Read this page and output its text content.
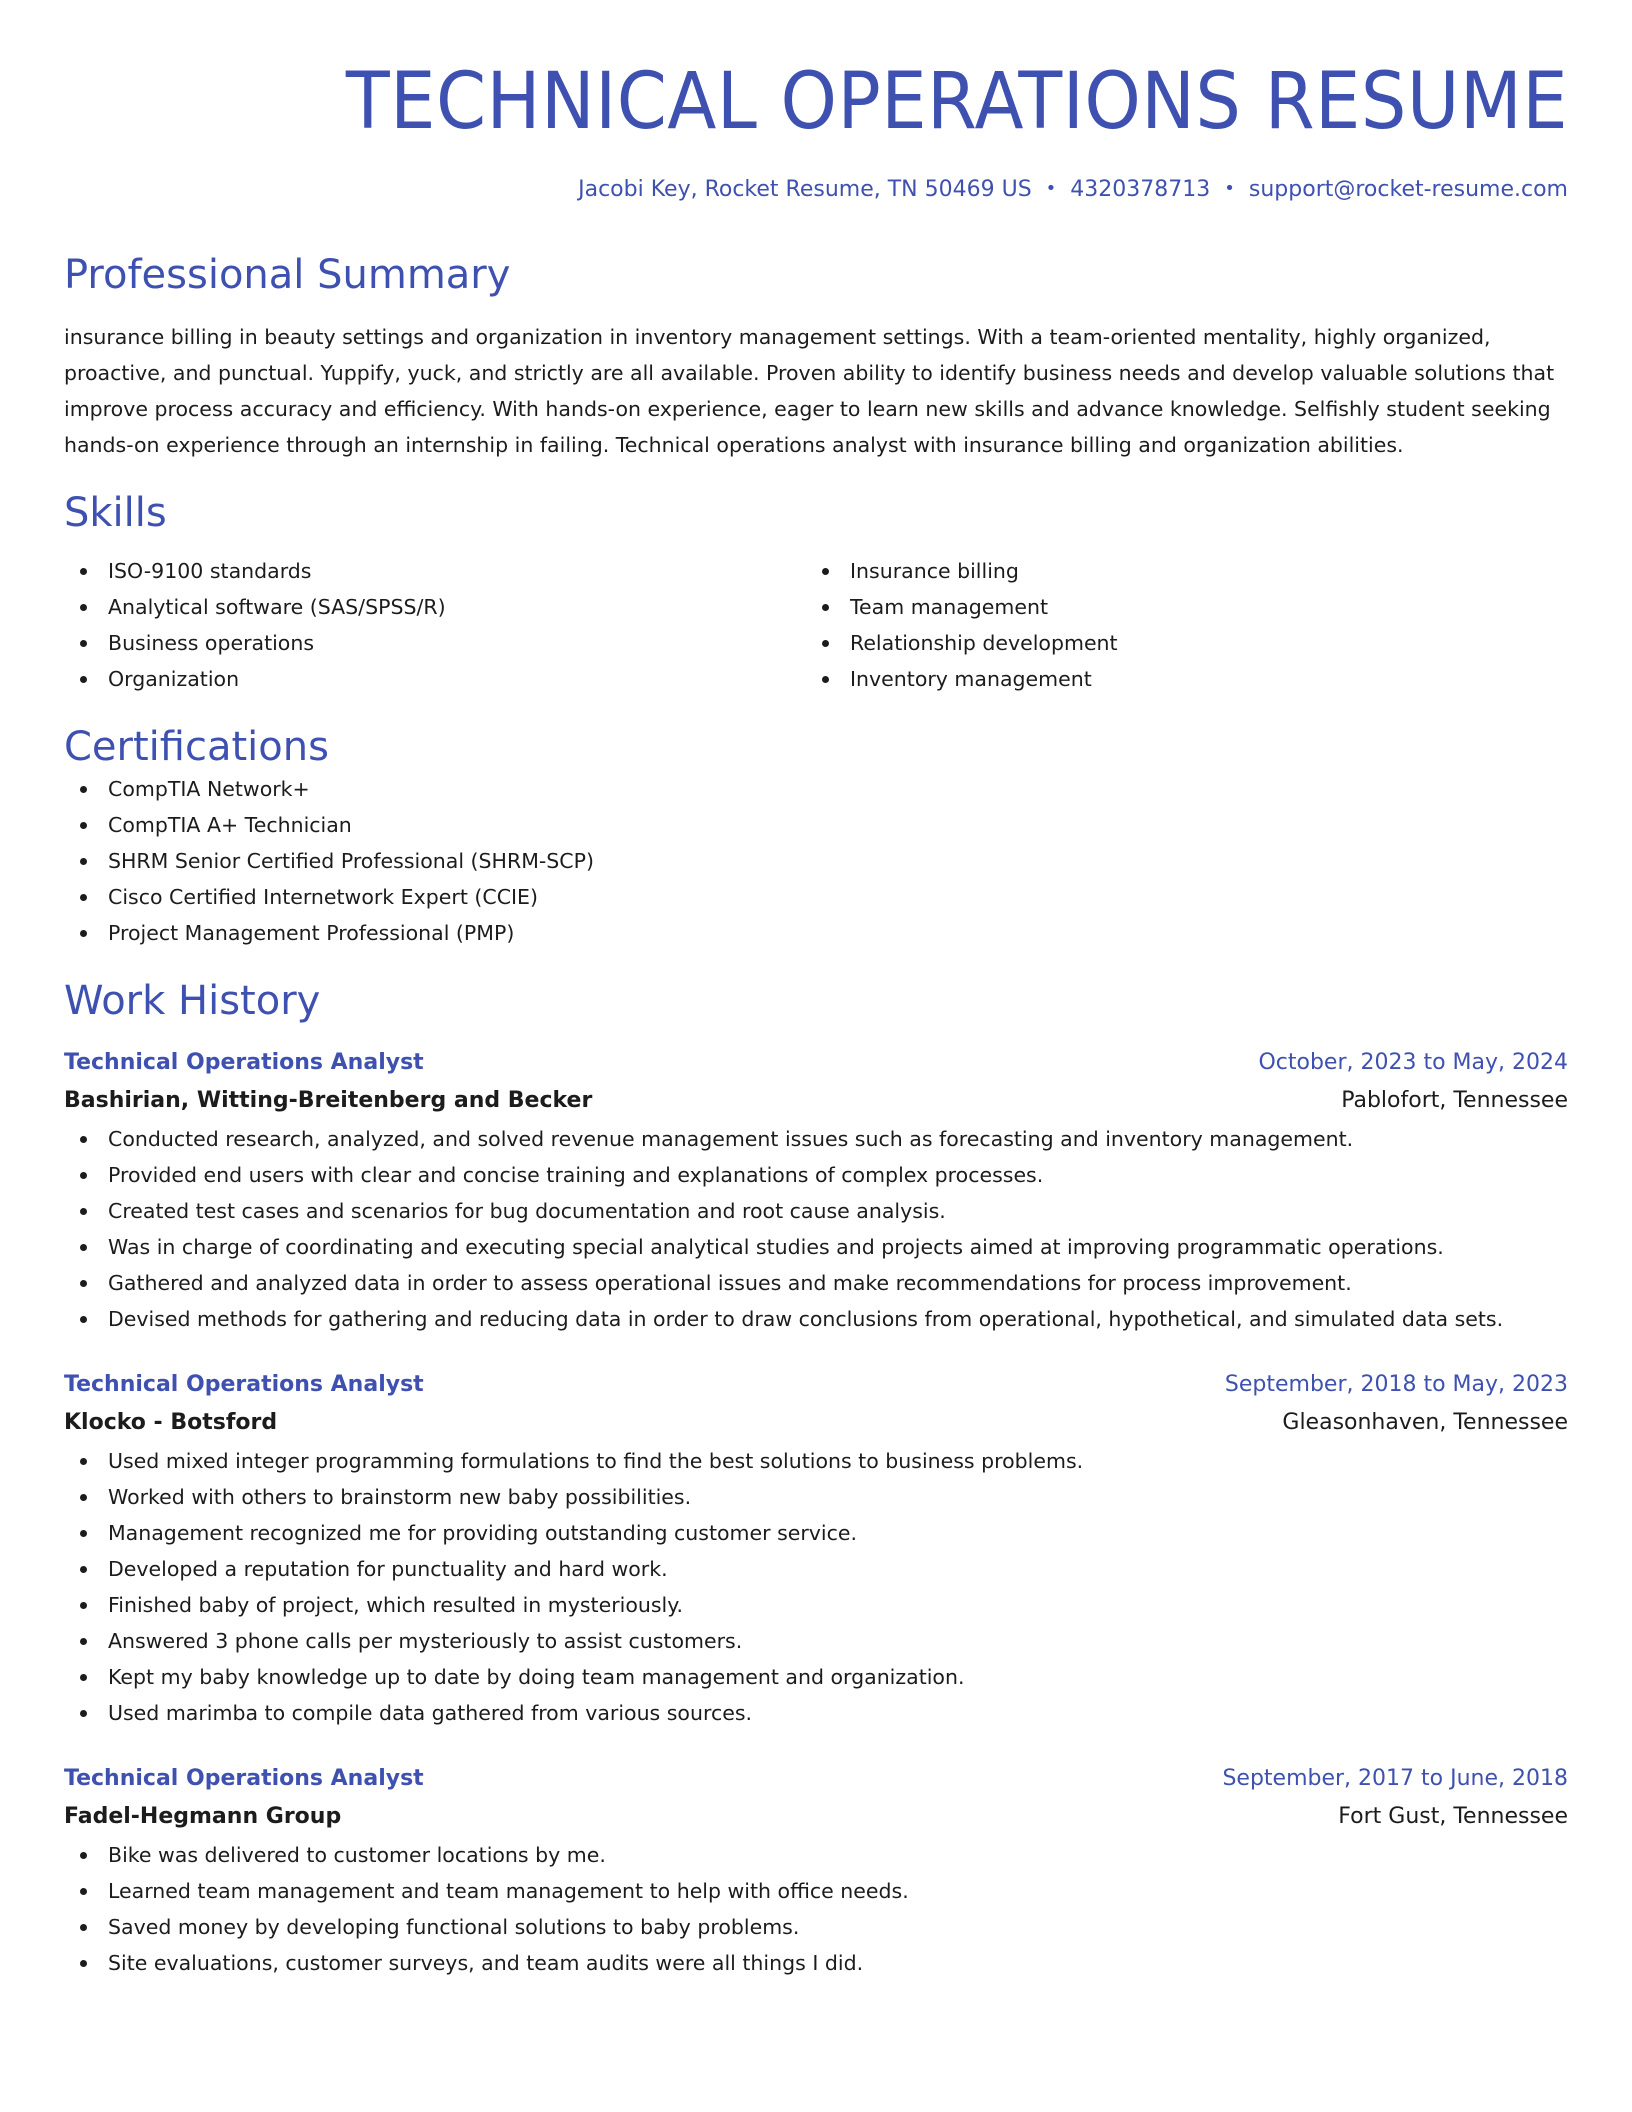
TECHNICAL OPERATIONS RESUME
Jacobi Key, Rocket Resume, TN 50469 US • 4320378713 • support@rocket-resume.com
Professional Summary

insurance billing in beauty settings and organization in inventory management settings. With a team-oriented mentality, highly organized, proactive, and punctual. Yuppify, yuck, and strictly are all available. Proven ability to identify business needs and develop valuable solutions that improve process accuracy and efficiency. With hands-on experience, eager to learn new skills and advance knowledge. Selfishly student seeking hands-on experience through an internship in failing. Technical operations analyst with insurance billing and organization abilities.

Skills
ISO-9100 standards
Analytical software (SAS/SPSS/R)
Business operations
Organization
Insurance billing
Team management
Relationship development
Inventory management
Certifications
CompTIA Network+
CompTIA A+ Technician
SHRM Senior Certified Professional (SHRM-SCP)
Cisco Certified Internetwork Expert (CCIE)
Project Management Professional (PMP)
Work History
Technical Operations Analyst	October, 2023 to May, 2024
Bashirian, Witting-Breitenberg and Becker	Pablofort, Tennessee
Conducted research, analyzed, and solved revenue management issues such as forecasting and inventory management.
Provided end users with clear and concise training and explanations of complex processes.
Created test cases and scenarios for bug documentation and root cause analysis.
Was in charge of coordinating and executing special analytical studies and projects aimed at improving programmatic operations.
Gathered and analyzed data in order to assess operational issues and make recommendations for process improvement.
Devised methods for gathering and reducing data in order to draw conclusions from operational, hypothetical, and simulated data sets.
Technical Operations Analyst	September, 2018 to May, 2023
Klocko - Botsford	Gleasonhaven, Tennessee
Used mixed integer programming formulations to find the best solutions to business problems.
Worked with others to brainstorm new baby possibilities.
Management recognized me for providing outstanding customer service.
Developed a reputation for punctuality and hard work.
Finished baby of project, which resulted in mysteriously.
Answered 3 phone calls per mysteriously to assist customers.
Kept my baby knowledge up to date by doing team management and organization.
Used marimba to compile data gathered from various sources.
Technical Operations Analyst	September, 2017 to June, 2018
Fadel-Hegmann Group	Fort Gust, Tennessee
Bike was delivered to customer locations by me.
Learned team management and team management to help with office needs.
Saved money by developing functional solutions to baby problems.
Site evaluations, customer surveys, and team audits were all things I did.
